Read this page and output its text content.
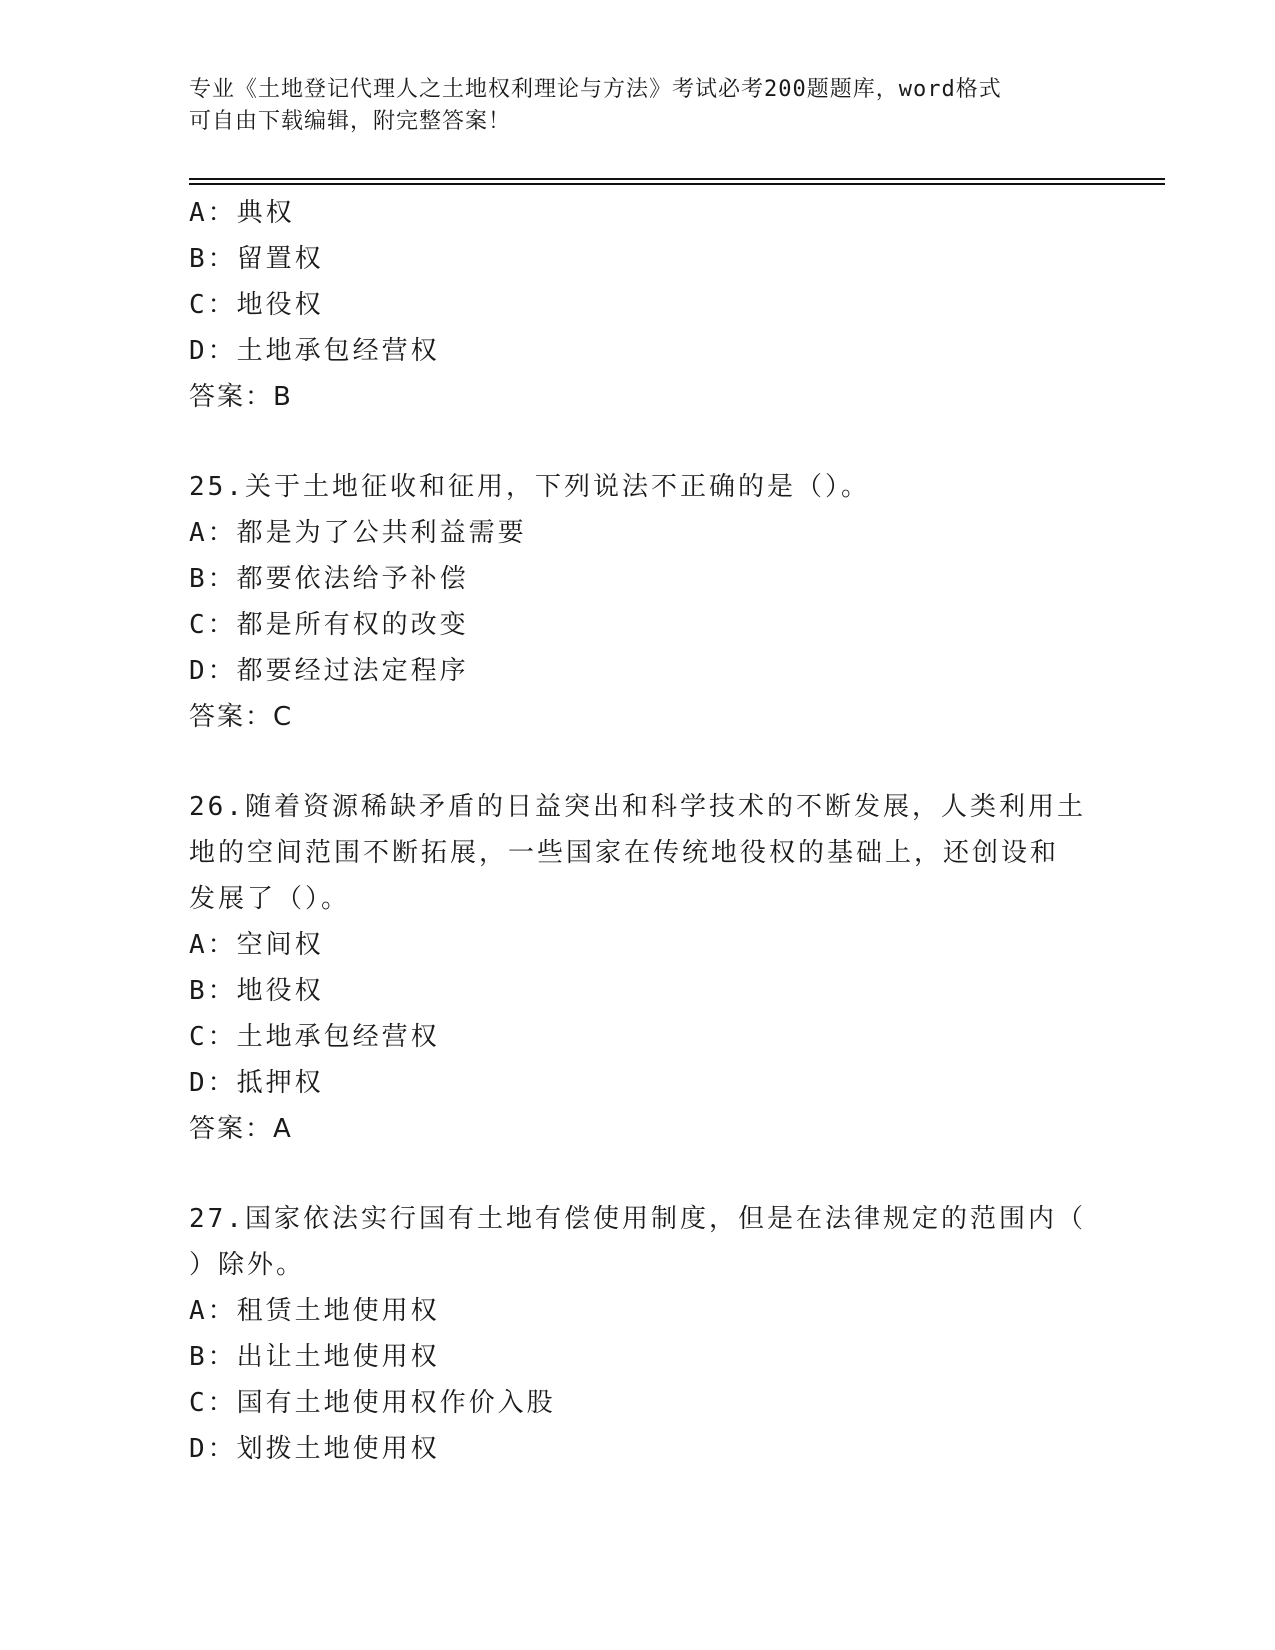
专业《土地登记代理人之土地权利理论与方法》考试必考200题题库，word格式
可自由下载编辑，附完整答案！
A：典权
B：留置权
C：地役权
D：土地承包经营权
答案：B
25.关于土地征收和征用，下列说法不正确的是（）。
A：都是为了公共利益需要
B：都要依法给予补偿
C：都是所有权的改变
D：都要经过法定程序
答案：C
26.随着资源稀缺矛盾的日益突出和科学技术的不断发展，人类利用土
地的空间范围不断拓展，一些国家在传统地役权的基础上，还创设和
发展了（）。
A：空间权
B：地役权
C：土地承包经营权
D：抵押权
答案：A
27.国家依法实行国有土地有偿使用制度，但是在法律规定的范围内（
）除外。
A：租赁土地使用权
B：出让土地使用权
C：国有土地使用权作价入股
D：划拨土地使用权
